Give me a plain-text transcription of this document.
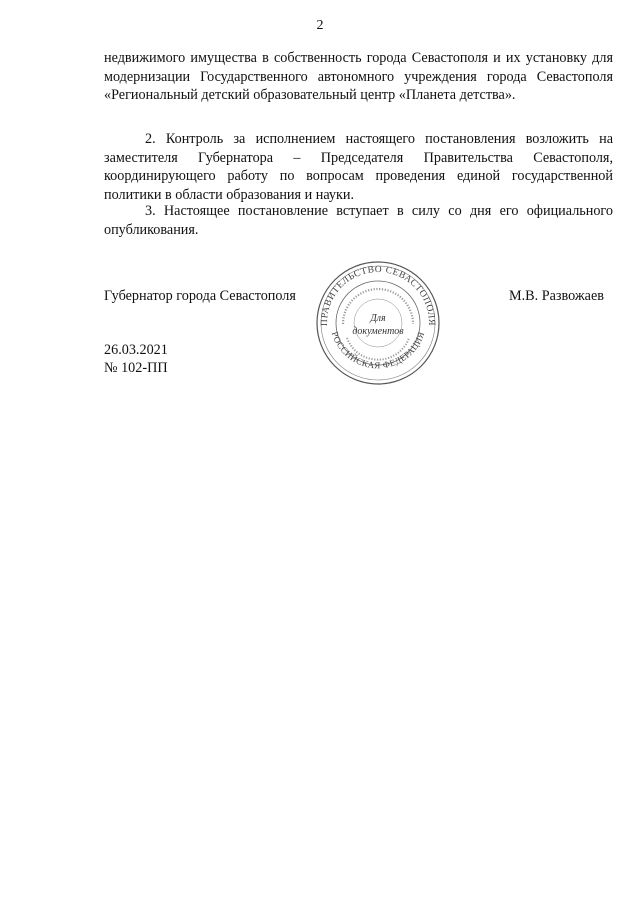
2

недвижимого имущества в собственность города Севастополя и их установку для модернизации Государственного автономного учреждения города Севастополя «Региональный детский образовательный центр «Планета детства».

2. Контроль за исполнением настоящего постановления возложить на заместителя Губернатора – Председателя Правительства Севастополя, координирующего работу по вопросам проведения единой государственной политики в области образования и науки.

3. Настоящее постановление вступает в силу со дня его официального опубликования.

Губернатор города Севастополя	М.В. Развожаев
ПРАВИТЕЛЬСТВО СЕВАСТОПОЛЯ
РОССИЙСКАЯ ФЕДЕРАЦИЯ
Для
документов
26.03.2021
№ 102-ПП
